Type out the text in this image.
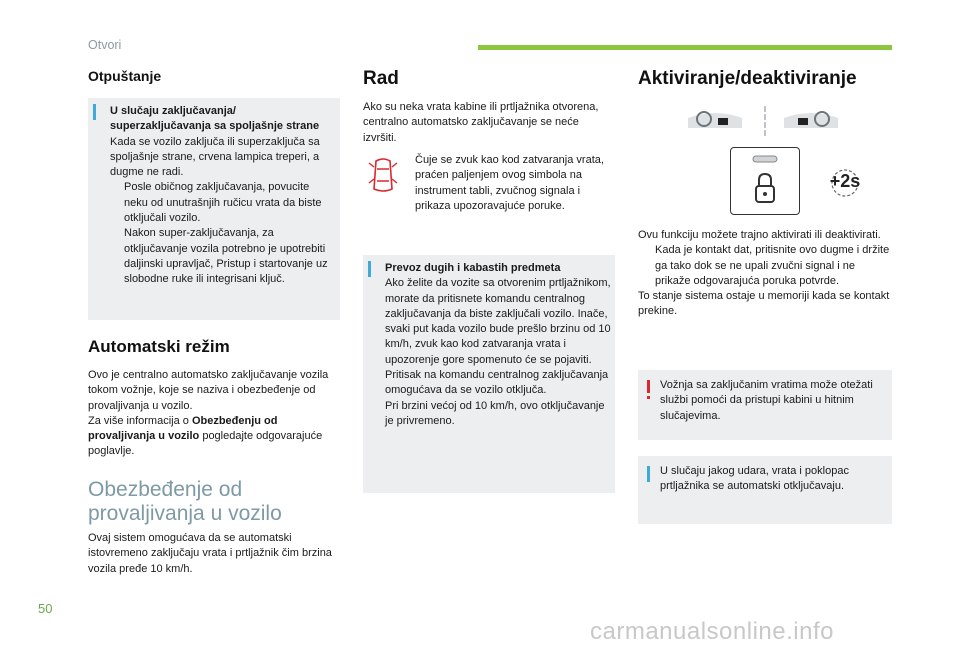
Otvori
Otpuštanje
U slučaju zaključavanja/ superzaključavanja sa spoljašnje strane
Kada se vozilo zaključa ili superzaključa sa spoljašnje strane, crvena lampica treperi, a dugme ne radi.
Posle običnog zaključavanja, povucite neku od unutrašnjih ručicu vrata da biste otključali vozilo.
Nakon super-zaključavanja, za otključavanje vozila potrebno je upotrebiti daljinski upravljač, Pristup i startovanje uz slobodne ruke ili integrisani ključ.
Automatski režim
Ovo je centralno automatsko zaključavanje vozila tokom vožnje, koje se naziva i obezbeđenje od provaljivanja u vozilo.
Za više informacija o Obezbeđenju od provaljivanja u vozilo pogledajte odgovarajuće poglavlje.
Obezbeđenje od provaljivanja u vozilo
Ovaj sistem omogućava da se automatski istovremeno zaključaju vrata i prtljažnik čim brzina vozila pređe 10 km/h.
Rad
Ako su neka vrata kabine ili prtljažnika otvorena, centralno automatsko zaključavanje se neće izvršiti.
Čuje se zvuk kao kod zatvaranja vrata, praćen paljenjem ovog simbola na instrument tabli, zvučnog signala i prikaza upozoravajuće poruke.
Prevoz dugih i kabastih predmeta
Ako želite da vozite sa otvorenim prtljažnikom, morate da pritisnete komandu centralnog zaključavanja da biste zaključali vozilo. Inače, svaki put kada vozilo bude prešlo brzinu od 10 km/h, zvuk kao kod zatvaranja vrata i upozorenje gore spomenuto će se pojaviti. Pritisak na komandu centralnog zaključavanja omogućava da se vozilo otključa.
Pri brzini većoj od 10 km/h, ovo otključavanje je privremeno.
Aktiviranje/deaktiviranje
+2s
Ovu funkciju možete trajno aktivirati ili deaktivirati.
Kada je kontakt dat, pritisnite ovo dugme i držite ga tako dok se ne upali zvučni signal i ne prikaže odgovarajuća poruka potvrde.
To stanje sistema ostaje u memoriji kada se kontakt prekine.
Vožnja sa zaključanim vratima može otežati službi pomoći da pristupi kabini u hitnim slučajevima.
U slučaju jakog udara, vrata i poklopac prtljažnika se automatski otključavaju.
50
carmanualsonline.info
